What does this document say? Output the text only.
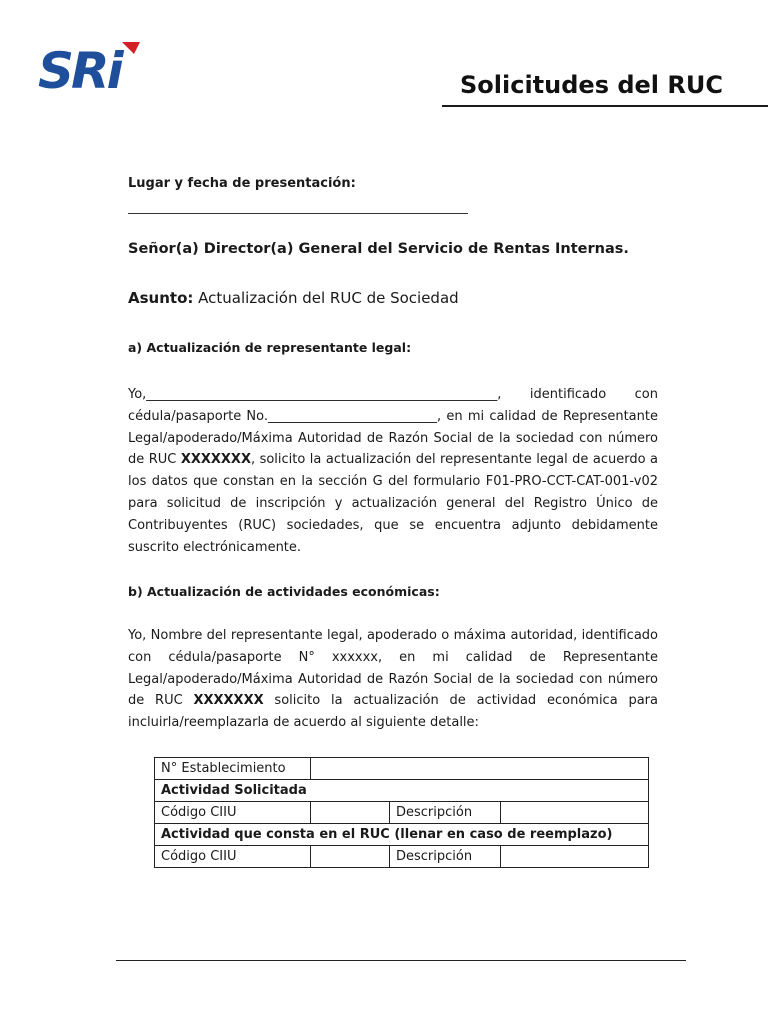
SRi	Solicitudes del RUC
Lugar y fecha de presentación:
Señor(a) Director(a) General del Servicio de Rentas Internas.
Asunto: Actualización del RUC de Sociedad
a) Actualización de representante legal:
Yo,______________________________________________________, identificado con cédula/pasaporte No.__________________________, en mi calidad de Representante Legal/apoderado/Máxima Autoridad de Razón Social de la sociedad con número de RUC XXXXXXX, solicito la actualización del representante legal de acuerdo a los datos que constan en la sección G del formulario F01-PRO-CCT-CAT-001-v02 para solicitud de inscripción y actualización general del Registro Único de Contribuyentes (RUC) sociedades, que se encuentra adjunto debidamente suscrito electrónicamente.
b) Actualización de actividades económicas:
Yo, Nombre del representante legal, apoderado o máxima autoridad, identificado con cédula/pasaporte N° xxxxxx, en mi calidad de Representante Legal/apoderado/Máxima Autoridad de Razón Social de la sociedad con número de RUC XXXXXXX solicito la actualización de actividad económica para incluirla/reemplazarla de acuerdo al siguiente detalle:
N° Establecimiento			
Actividad Solicitada			
Código CIIU		Descripción	
Actividad que consta en el RUC (llenar en caso de reemplazo)			
Código CIIU		Descripción	
